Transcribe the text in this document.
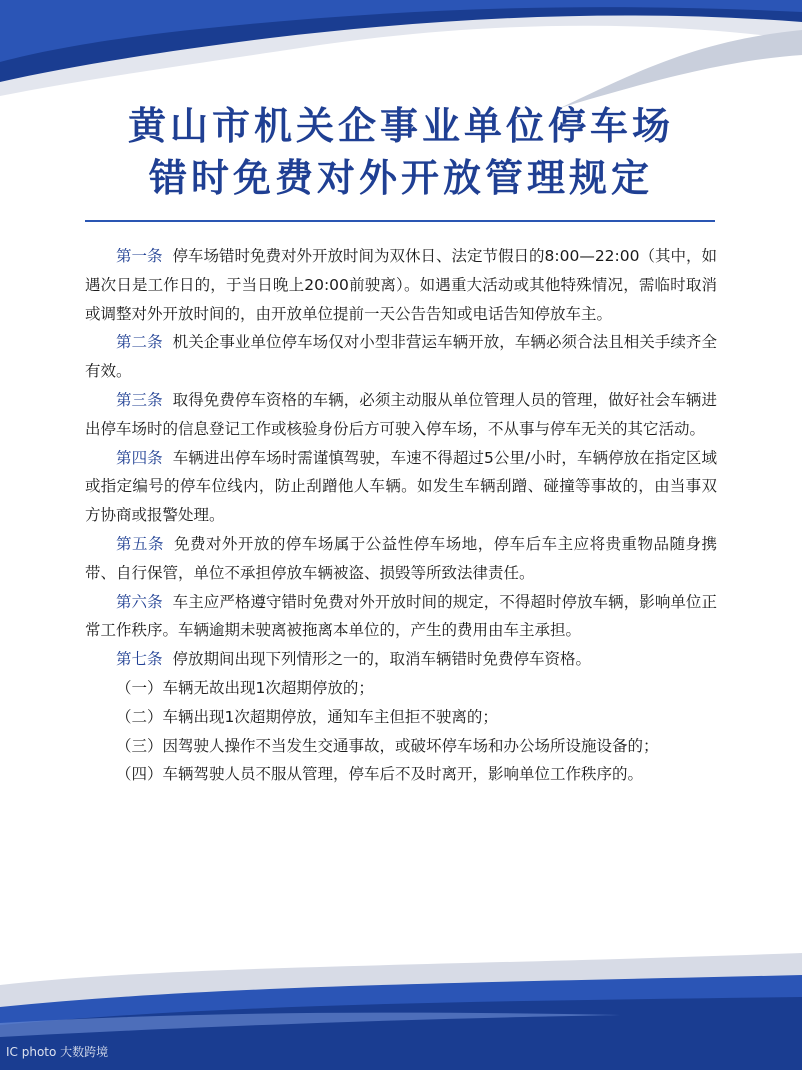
黄山市机关企事业单位停车场
错时免费对外开放管理规定

第一条 停车场错时免费对外开放时间为双休日、法定节假日的8:00—22:00（其中，如遇次日是工作日的，于当日晚上20:00前驶离）。如遇重大活动或其他特殊情况，需临时取消或调整对外开放时间的，由开放单位提前一天公告告知或电话告知停放车主。

第二条 机关企事业单位停车场仅对小型非营运车辆开放，车辆必须合法且相关手续齐全有效。

第三条 取得免费停车资格的车辆，必须主动服从单位管理人员的管理，做好社会车辆进出停车场时的信息登记工作或核验身份后方可驶入停车场，不从事与停车无关的其它活动。

第四条 车辆进出停车场时需谨慎驾驶，车速不得超过5公里/小时，车辆停放在指定区域或指定编号的停车位线内，防止刮蹭他人车辆。如发生车辆刮蹭、碰撞等事故的，由当事双方协商或报警处理。

第五条 免费对外开放的停车场属于公益性停车场地，停车后车主应将贵重物品随身携带、自行保管，单位不承担停放车辆被盗、损毁等所致法律责任。

第六条 车主应严格遵守错时免费对外开放时间的规定，不得超时停放车辆，影响单位正常工作秩序。车辆逾期未驶离被拖离本单位的，产生的费用由车主承担。

第七条 停放期间出现下列情形之一的，取消车辆错时免费停车资格。

（一）车辆无故出现1次超期停放的；

（二）车辆出现1次超期停放，通知车主但拒不驶离的；

（三）因驾驶人操作不当发生交通事故，或破坏停车场和办公场所设施设备的；

（四）车辆驾驶人员不服从管理，停车后不及时离开，影响单位工作秩序的。

IC photo 大数跨境
